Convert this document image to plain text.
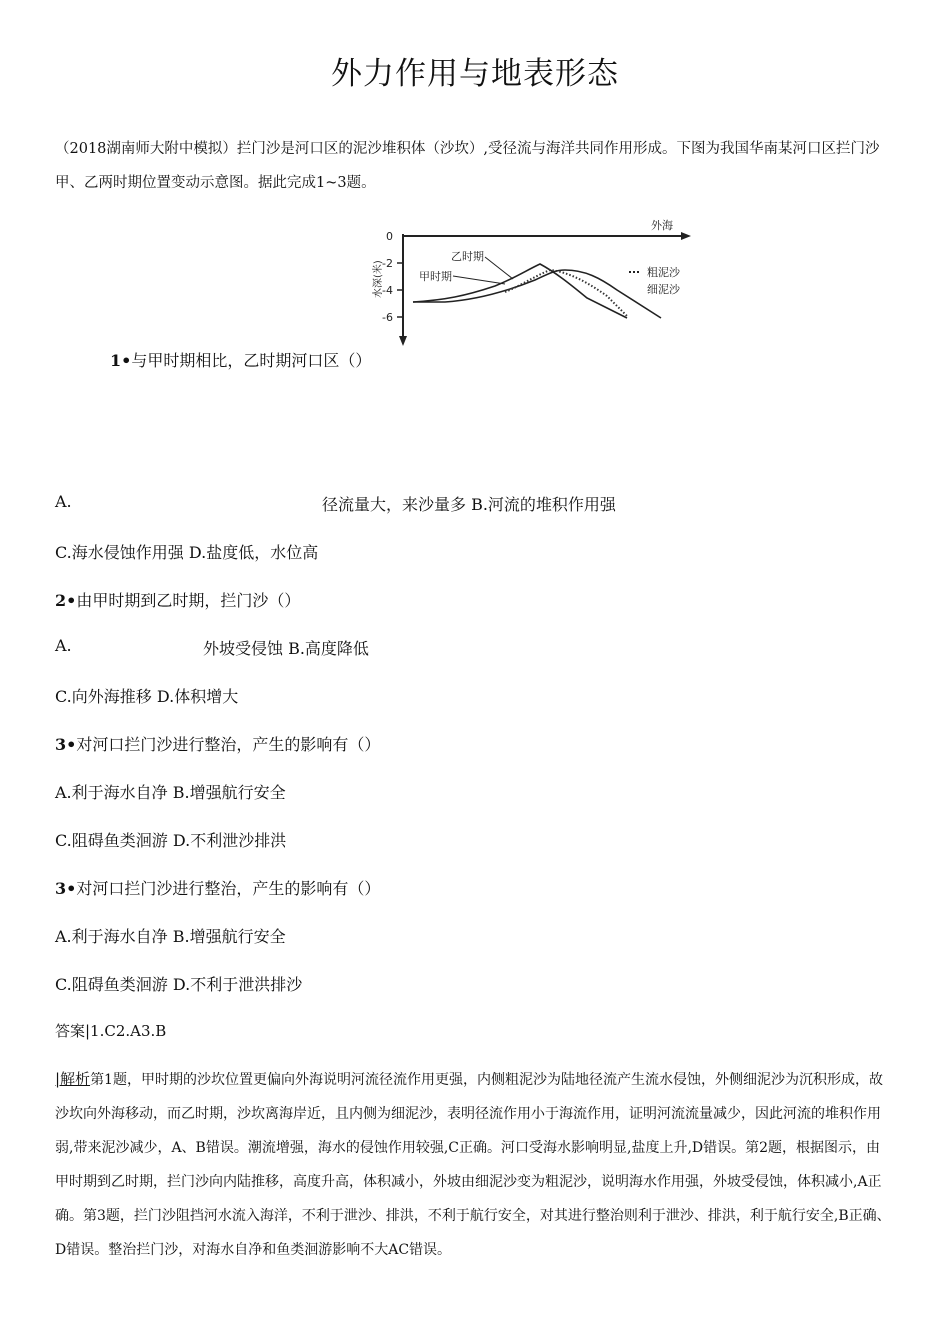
外力作用与地表形态

（2018湖南师大附中模拟）拦门沙是河口区的泥沙堆积体（沙坎）,受径流与海洋共同作用形成。下图为我国华南某河口区拦门沙甲、乙两时期位置变动示意图。据此完成1~3题。

外海
0
-2
-4
-6
水深(米)
乙时期
甲时期	粗泥沙
细泥沙
1•与甲时期相比，乙时期河口区（）
A.	径流量大，来沙量多 B.河流的堆积作用强
C.海水侵蚀作用强 D.盐度低，水位高
2•由甲时期到乙时期，拦门沙（）
A.	外坡受侵蚀 B.高度降低
C.向外海推移 D.体积增大
3•对河口拦门沙进行整治，产生的影响有（）
A.利于海水自净 B.增强航行安全
C.阻碍鱼类洄游 D.不利泄沙排洪
3•对河口拦门沙进行整治，产生的影响有（）
A.利于海水自净 B.增强航行安全
C.阻碍鱼类洄游 D.不利于泄洪排沙
答案|1.C2.A3.B

|解析第1题，甲时期的沙坎位置更偏向外海说明河流径流作用更强，内侧粗泥沙为陆地径流产生流水侵蚀，外侧细泥沙为沉积形成，故沙坎向外海移动，而乙时期，沙坎离海岸近，且内侧为细泥沙，表明径流作用小于海流作用，证明河流流量减少，因此河流的堆积作用弱,带来泥沙减少，A、B错误。潮流增强，海水的侵蚀作用较强,C正确。河口受海水影响明显,盐度上升,D错误。第2题，根据图示，由甲时期到乙时期，拦门沙向内陆推移，高度升高，体积减小，外坡由细泥沙变为粗泥沙，说明海水作用强，外坡受侵蚀，体积减小,A正确。第3题，拦门沙阻挡河水流入海洋，不利于泄沙、排洪，不利于航行安全，对其进行整治则利于泄沙、排洪，利于航行安全,B正确、D错误。整治拦门沙，对海水自净和鱼类洄游影响不大AC错误。
